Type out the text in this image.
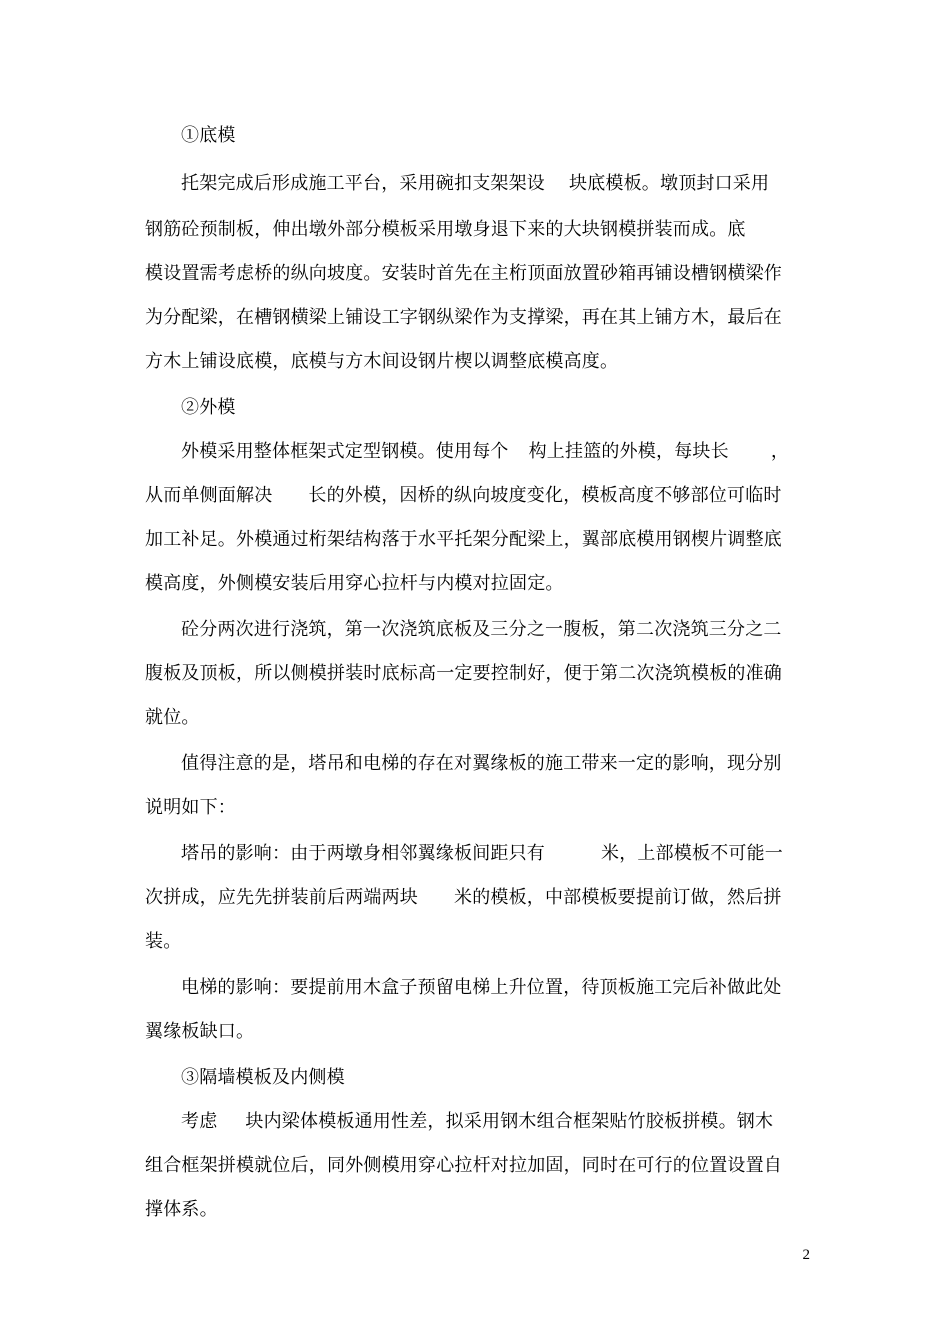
①底模
托架完成后形成施工平台，采用碗扣支架架设 块底模板。墩顶封口采用
钢筋砼预制板，伸出墩外部分模板采用墩身退下来的大块钢模拼装而成。底
模设置需考虑桥的纵向坡度。安装时首先在主桁顶面放置砂箱再铺设槽钢横梁作
为分配梁，在槽钢横梁上铺设工字钢纵梁作为支撑梁，再在其上铺方木，最后在
方木上铺设底模，底模与方木间设钢片楔以调整底模高度。
②外模
外模采用整体框架式定型钢模。使用每个 构上挂篮的外模，每块长 ，
从而单侧面解决 长的外模，因桥的纵向坡度变化，模板高度不够部位可临时
加工补足。外模通过桁架结构落于水平托架分配梁上，翼部底模用钢楔片调整底
模高度，外侧模安装后用穿心拉杆与内模对拉固定。
砼分两次进行浇筑，第一次浇筑底板及三分之一腹板，第二次浇筑三分之二
腹板及顶板，所以侧模拼装时底标高一定要控制好，便于第二次浇筑模板的准确
就位。
值得注意的是，塔吊和电梯的存在对翼缘板的施工带来一定的影响，现分别
说明如下：
塔吊的影响：由于两墩身相邻翼缘板间距只有	米，上部模板不可能一
次拼成，应先先拼装前后两端两块 米的模板，中部模板要提前订做，然后拼
装。
电梯的影响：要提前用木盒子预留电梯上升位置，待顶板施工完后补做此处
翼缘板缺口。
③隔墙模板及内侧模
考虑 块内梁体模板通用性差，拟采用钢木组合框架贴竹胶板拼模。钢木
组合框架拼模就位后，同外侧模用穿心拉杆对拉加固，同时在可行的位置设置自
撑体系。
2
